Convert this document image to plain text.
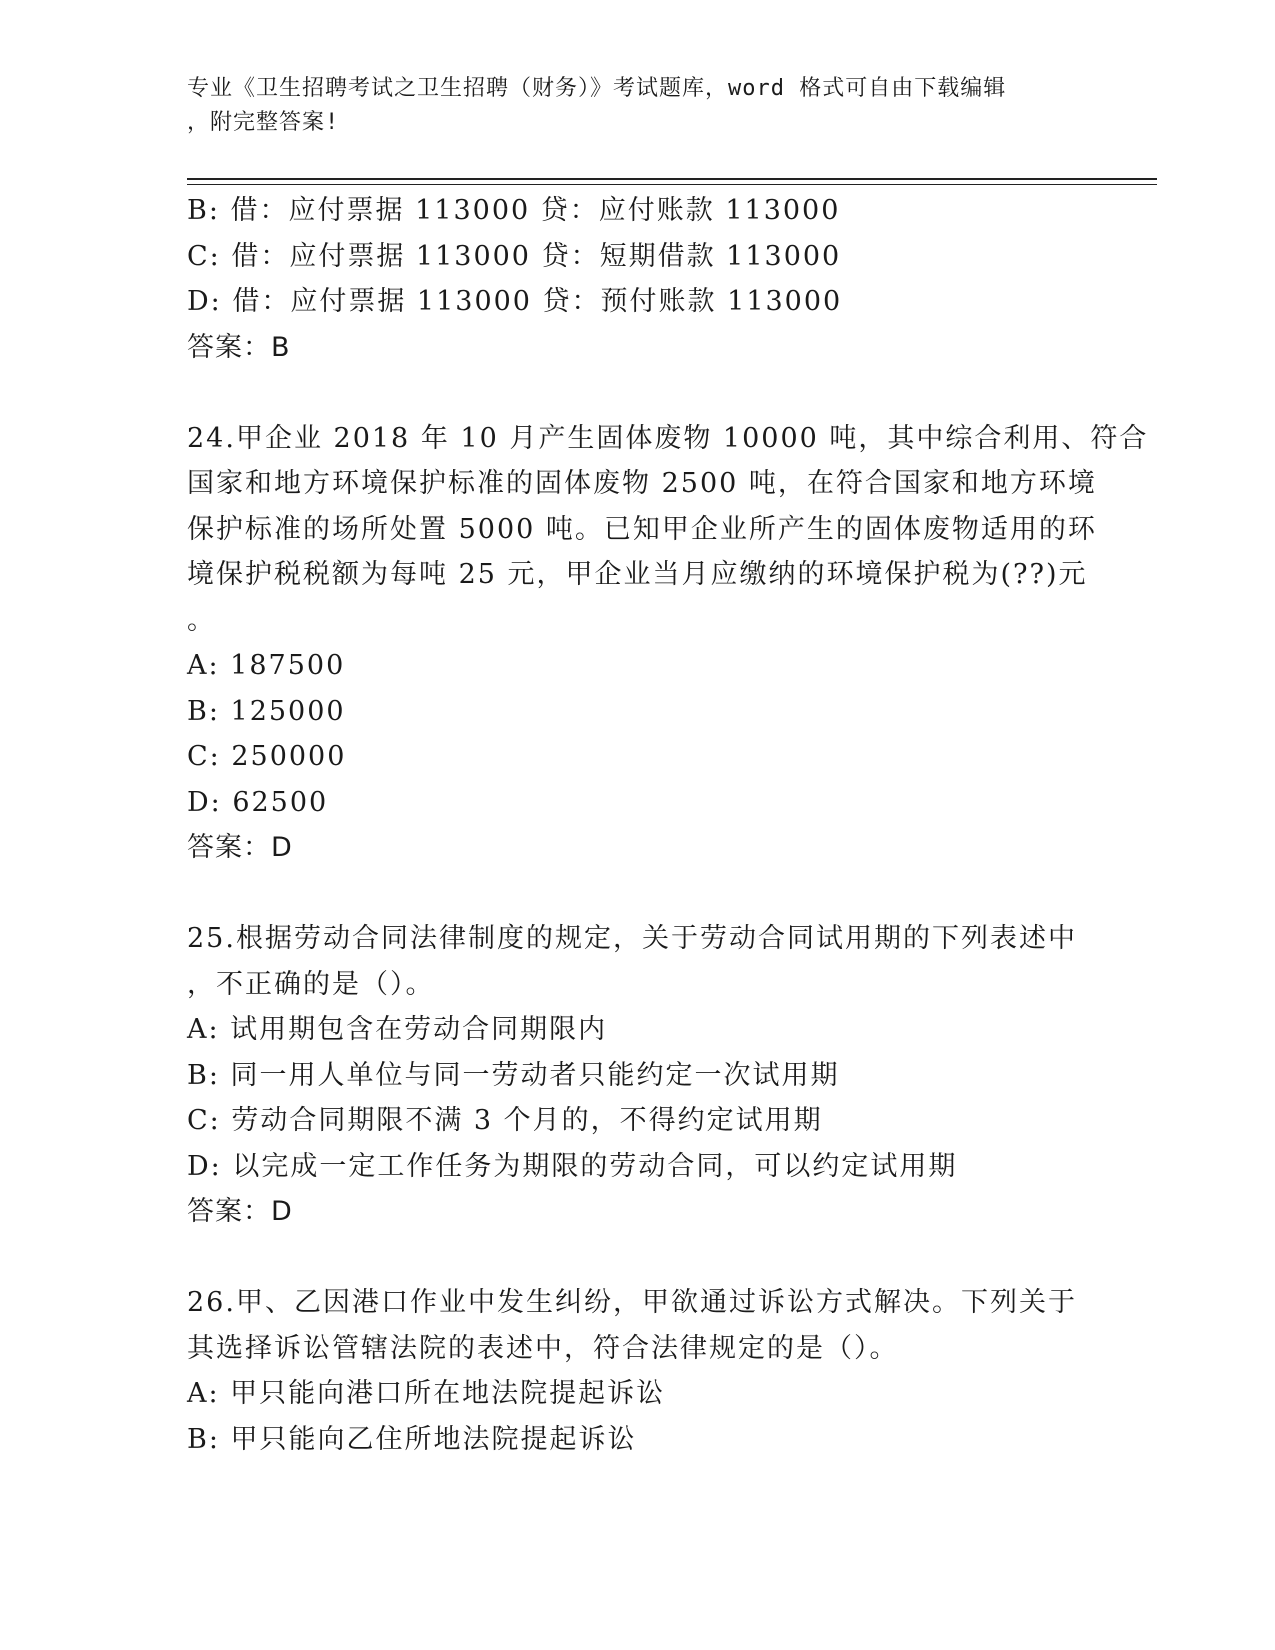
专业《卫生招聘考试之卫生招聘（财务）》考试题库，word 格式可自由下载编辑
，附完整答案!
B: 借：应付票据 113000 贷：应付账款 113000
C: 借：应付票据 113000 贷：短期借款 113000
D: 借：应付票据 113000 贷：预付账款 113000
答案：B
24.甲企业 2018 年 10 月产生固体废物 10000 吨，其中综合利用、符合
国家和地方环境保护标准的固体废物 2500 吨，在符合国家和地方环境
保护标准的场所处置 5000 吨。已知甲企业所产生的固体废物适用的环
境保护税税额为每吨 25 元，甲企业当月应缴纳的环境保护税为(??)元
。
A: 187500
B: 125000
C: 250000
D: 62500
答案：D
25.根据劳动合同法律制度的规定，关于劳动合同试用期的下列表述中
，不正确的是（）。
A: 试用期包含在劳动合同期限内
B: 同一用人单位与同一劳动者只能约定一次试用期
C: 劳动合同期限不满 3 个月的，不得约定试用期
D: 以完成一定工作任务为期限的劳动合同，可以约定试用期
答案：D
26.甲、乙因港口作业中发生纠纷，甲欲通过诉讼方式解决。下列关于
其选择诉讼管辖法院的表述中，符合法律规定的是（）。
A: 甲只能向港口所在地法院提起诉讼
B: 甲只能向乙住所地法院提起诉讼
